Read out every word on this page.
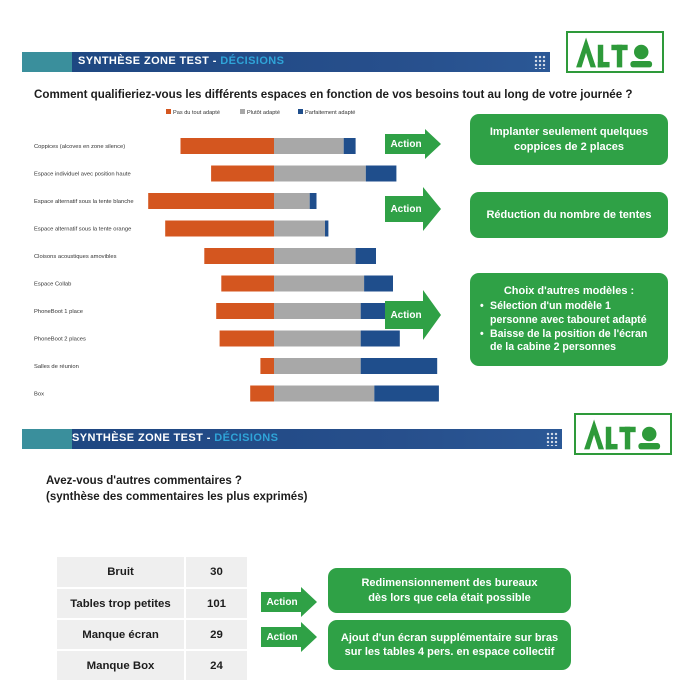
SYNTHÈSE ZONE TEST - DÉCISIONS
ALTO
Comment qualifieriez-vous les différents espaces en fonction de vos besoins tout au long de votre journée ?
Pas du tout adapté	Plutôt adapté	Parfaitement adapté
Coppices (alcoves en zone silence)
Espace individuel avec position haute
Espace alternatif sous la tente blanche
Espace alternatif sous la tente orange
Cloisons acoustiques amovibles
Espace Collab
PhoneBoot 1 place
PhoneBoot 2 places
Salles de réunion
Box
Action
Action
Action
Implanter seulement quelques
coppices de 2 places
Réduction du nombre de tentes
Choix d'autres modèles :
• Sélection d'un modèle 1 personne avec tabouret adapté
• Baisse de la position de l'écran de la cabine 2 personnes
SYNTHÈSE ZONE TEST - DÉCISIONS
ALTO
Avez-vous d'autres commentaires ?
(synthèse des commentaires les plus exprimés)
Bruit	30
Tables trop petites	101
Manque écran	29
Manque Box	24
Action
Action
Redimensionnement des bureaux
dès lors que cela était possible
Ajout d'un écran supplémentaire sur bras
sur les tables 4 pers. en espace collectif
